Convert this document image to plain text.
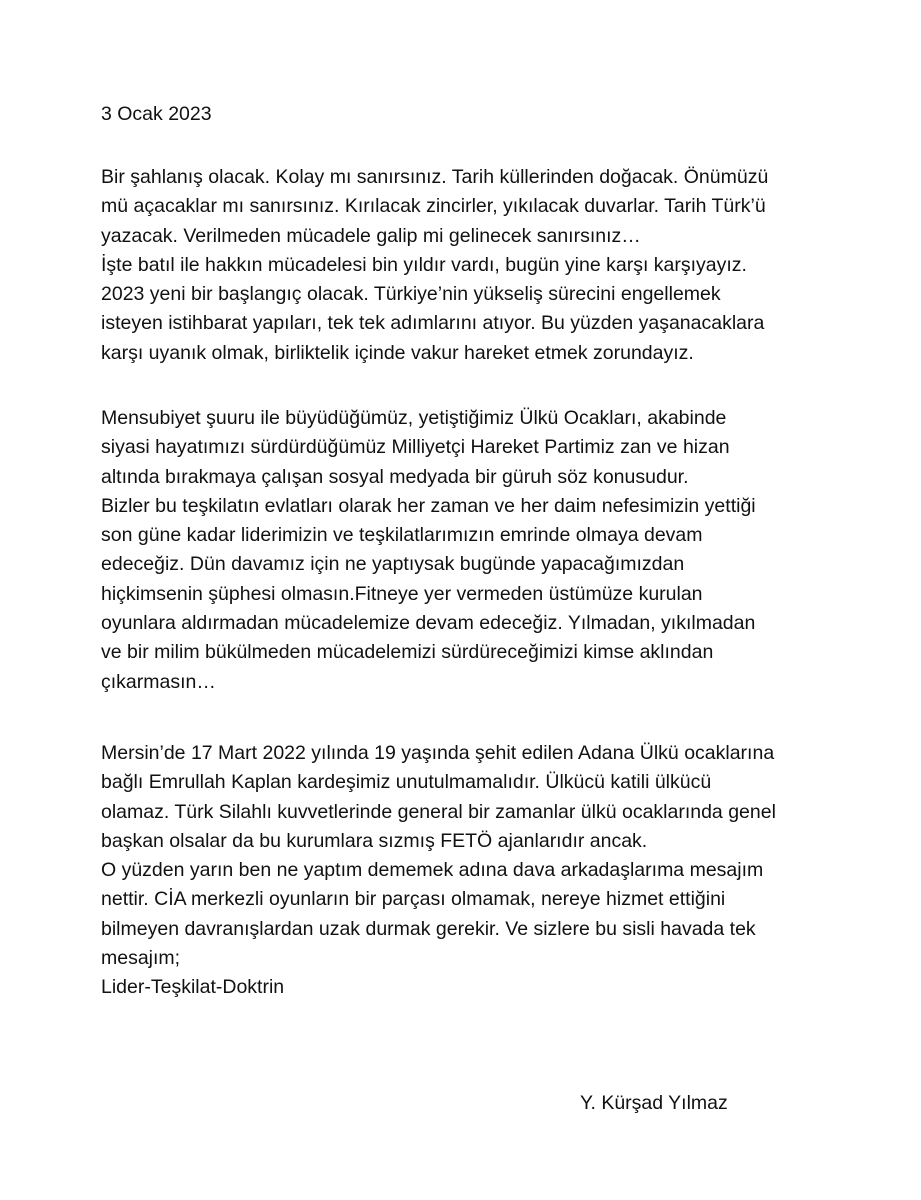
3 Ocak 2023
Bir şahlanış olacak. Kolay mı sanırsınız. Tarih küllerinden doğacak. Önümüzü
mü açacaklar mı sanırsınız. Kırılacak zincirler, yıkılacak duvarlar. Tarih Türk’ü
yazacak. Verilmeden mücadele galip mi gelinecek sanırsınız…
İşte batıl ile hakkın mücadelesi bin yıldır vardı, bugün yine karşı karşıyayız.
2023 yeni bir başlangıç olacak. Türkiye’nin yükseliş sürecini engellemek
isteyen istihbarat yapıları, tek tek adımlarını atıyor. Bu yüzden yaşanacaklara
karşı uyanık olmak, birliktelik içinde vakur hareket etmek zorundayız.
Mensubiyet şuuru ile büyüdüğümüz, yetiştiğimiz Ülkü Ocakları, akabinde
siyasi hayatımızı sürdürdüğümüz Milliyetçi Hareket Partimiz zan ve hizan
altında bırakmaya çalışan sosyal medyada bir güruh söz konusudur.
Bizler bu teşkilatın evlatları olarak her zaman ve her daim nefesimizin yettiği
son güne kadar liderimizin ve teşkilatlarımızın emrinde olmaya devam
edeceğiz. Dün davamız için ne yaptıysak bugünde yapacağımızdan
hiçkimsenin şüphesi olmasın.Fitneye yer vermeden üstümüze kurulan
oyunlara aldırmadan mücadelemize devam edeceğiz. Yılmadan, yıkılmadan
ve bir milim bükülmeden mücadelemizi sürdüreceğimizi kimse aklından
çıkarmasın…
Mersin’de 17 Mart 2022 yılında 19 yaşında şehit edilen Adana Ülkü ocaklarına
bağlı Emrullah Kaplan kardeşimiz unutulmamalıdır. Ülkücü katili ülkücü
olamaz. Türk Silahlı kuvvetlerinde general bir zamanlar ülkü ocaklarında genel
başkan olsalar da bu kurumlara sızmış FETÖ ajanlarıdır ancak.
O yüzden yarın ben ne yaptım dememek adına dava arkadaşlarıma mesajım
nettir. CİA merkezli oyunların bir parçası olmamak, nereye hizmet ettiğini
bilmeyen davranışlardan uzak durmak gerekir. Ve sizlere bu sisli havada tek
mesajım;
Lider-Teşkilat-Doktrin
Y. Kürşad Yılmaz
